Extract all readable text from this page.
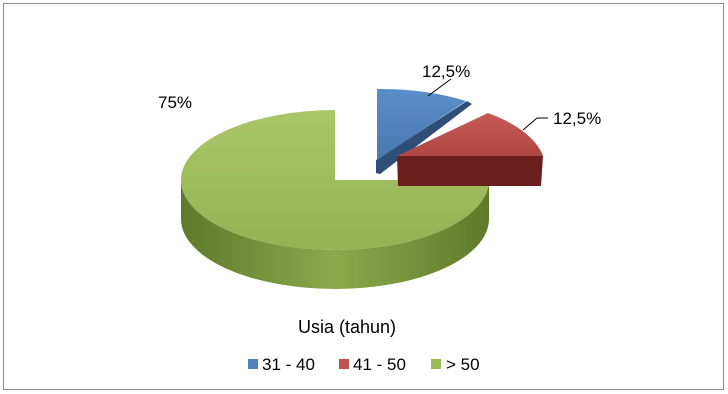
12,5%
12,5%
75%
Usia (tahun)
31 - 40 41 - 50 > 50
